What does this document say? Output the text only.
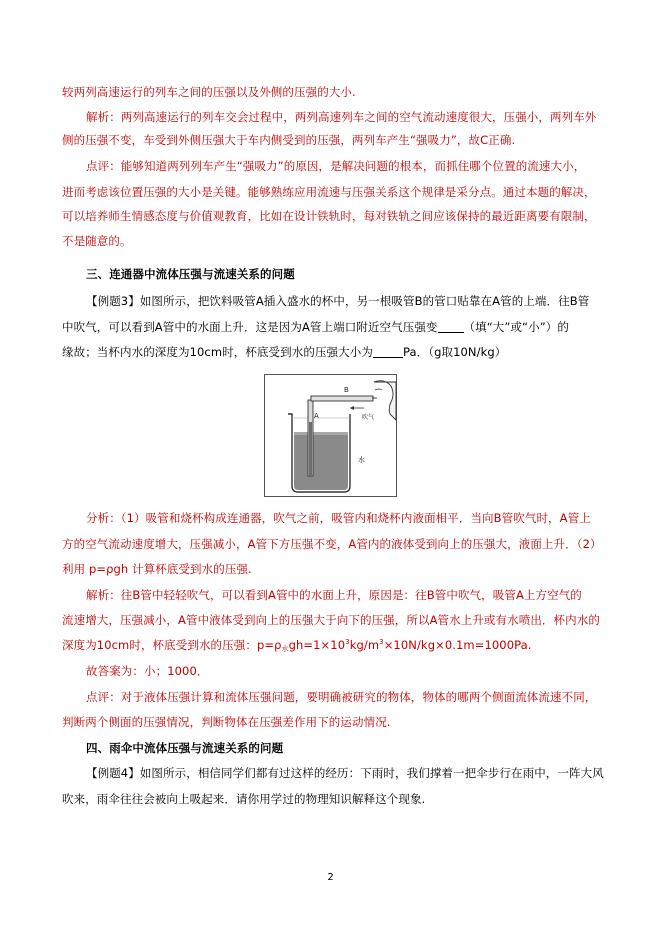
较两列高速运行的列车之间的压强以及外侧的压强的大小.
解析：两列高速运行的列车交会过程中，两列高速列车之间的空气流动速度很大，压强小，两列车外
侧的压强不变，车受到外侧压强大于车内侧受到的压强，两列车产生“强吸力”，故C正确.
点评：能够知道两列列车产生“强吸力”的原因，是解决问题的根本，而抓住哪个位置的流速大小，
进而考虑该位置压强的大小是关键。能够熟练应用流速与压强关系这个规律是采分点。通过本题的解决，
可以培养师生情感态度与价值观教育，比如在设计铁轨时，每对铁轨之间应该保持的最近距离要有限制，
不是随意的。
三、连通器中流体压强与流速关系的问题
【例题3】如图所示，把饮料吸管A插入盛水的杯中，另一根吸管B的管口贴靠在A管的上端．往B管
中吹气，可以看到A管中的水面上升．这是因为A管上端口附近空气压强变 （填“大”或“小”）的
缘故；当杯内水的深度为10cm时，杯底受到水的压强大小为	Pa．（g取10N/kg）
B
A	吹气
水
分析：（1）吸管和烧杯构成连通器，吹气之前，吸管内和烧杯内液面相平．当向B管吹气时，A管上
方的空气流动速度增大，压强减小，A管下方压强不变，A管内的液体受到向上的压强大，液面上升．（2）
利用 p=ρgh 计算杯底受到水的压强.
解析：往B管中轻轻吹气，可以看到A管中的水面上升，原因是：往B管中吹气，吸管A上方空气的
流速增大，压强减小，A管中液体受到向上的压强大于向下的压强，所以A管水上升或有水喷出．杯内水的
深度为10cm时，杯底受到水的压强：$p=\rho_水gh=1\times 10^3kg/m^3\times 10N/kg\times 0.1m=1000Pa$.
故答案为：小；1000．
点评：对于液体压强计算和流体压强问题，要明确被研究的物体，物体的哪两个侧面流体流速不同，
判断两个侧面的压强情况，判断物体在压强差作用下的运动情况.
四、雨伞中流体压强与流速关系的问题
【例题4】如图所示，相信同学们都有过这样的经历：下雨时，我们撑着一把伞步行在雨中，一阵大风
吹来，雨伞往往会被向上吸起来．请你用学过的物理知识解释这个现象.
2
